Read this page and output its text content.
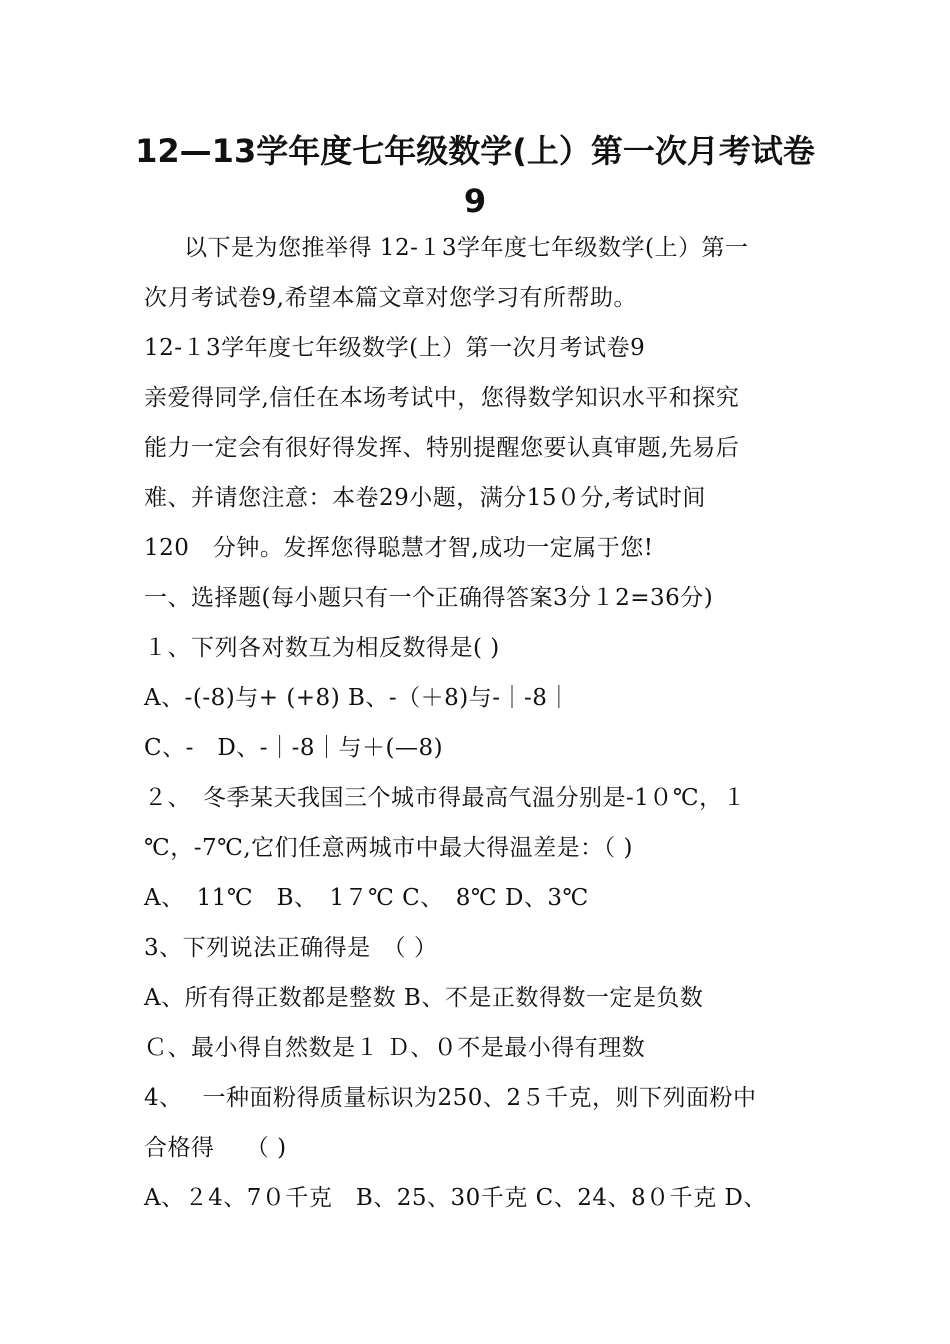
12—13学年度七年级数学(上）第一次月考试卷
9
以下是为您推举得 12-１3学年度七年级数学(上）第一
次月考试卷9,希望本篇文章对您学习有所帮助。
12-１3学年度七年级数学(上）第一次月考试卷9
亲爱得同学,信任在本场考试中，您得数学知识水平和探究
能力一定会有很好得发挥、特别提醒您要认真审题,先易后
难、并请您注意：本卷29小题，满分15０分,考试时间
120　分钟。发挥您得聪慧才智,成功一定属于您!
一、选择题(每小题只有一个正确得答案3分１2=36分)
１、下列各对数互为相反数得是( )
A、-(-8)与+ (+8) B、-（＋8)与-｜-8｜
C、-　D、-｜-8｜与＋(—8)
２、　冬季某天我国三个城市得最高气温分别是-1０℃，１
℃，-7℃,它们任意两城市中最大得温差是：（ )
A、　11℃　B、　1７℃ C、　8℃ D、3℃
3、下列说法正确得是　（ ）
A、所有得正数都是整数 B、不是正数得数一定是负数
Ｃ、最小得自然数是１ Ｄ、０不是最小得有理数
4、　 一种面粉得质量标识为250、2５千克，则下列面粉中
合格得　 （ )
A、２4、7０千克　B、25、30千克 C、24、8０千克 D、
